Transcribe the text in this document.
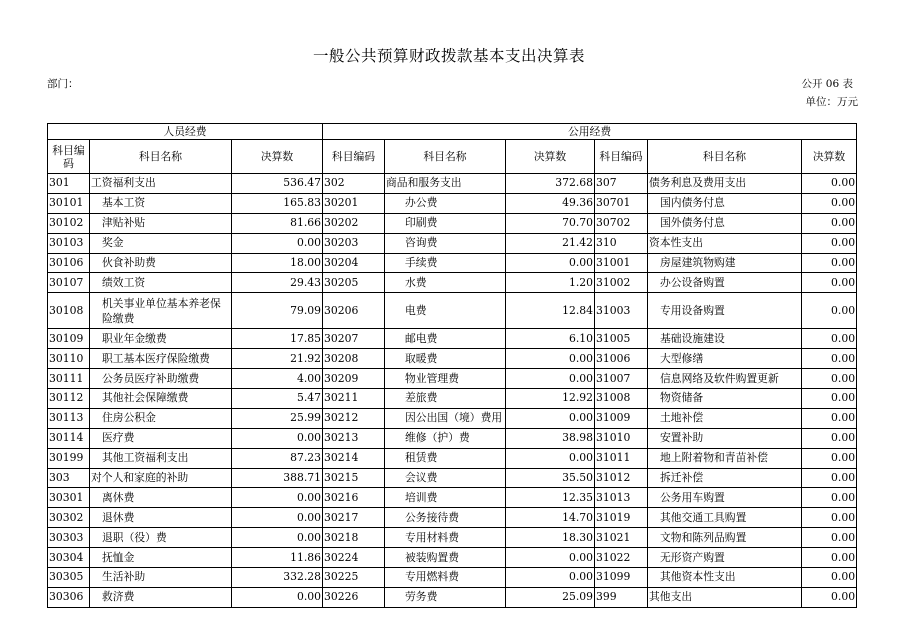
一般公共预算财政拨款基本支出决算表
部门：	公开 06 表
单位：万元
人员经费			公用经费					
科目编码	科目名称	决算数	科目编码	科目名称	决算数	科目编码	科目名称	决算数
301	工资福利支出	536.47	302	商品和服务支出	372.68	307	债务利息及费用支出	0.00
30101	基本工资	165.83	30201	办公费	49.36	30701	国内债务付息	0.00
30102	津贴补贴	81.66	30202	印刷费	70.70	30702	国外债务付息	0.00
30103	奖金	0.00	30203	咨询费	21.42	310	资本性支出	0.00
30106	伙食补助费	18.00	30204	手续费	0.00	31001	房屋建筑物购建	0.00
30107	绩效工资	29.43	30205	水费	1.20	31002	办公设备购置	0.00
30108	机关事业单位基本养老保险缴费	79.09	30206	电费	12.84	31003	专用设备购置	0.00
30109	职业年金缴费	17.85	30207	邮电费	6.10	31005	基础设施建设	0.00
30110	职工基本医疗保险缴费	21.92	30208	取暖费	0.00	31006	大型修缮	0.00
30111	公务员医疗补助缴费	4.00	30209	物业管理费	0.00	31007	信息网络及软件购置更新	0.00
30112	其他社会保障缴费	5.47	30211	差旅费	12.92	31008	物资储备	0.00
30113	住房公积金	25.99	30212	因公出国（境）费用	0.00	31009	土地补偿	0.00
30114	医疗费	0.00	30213	维修（护）费	38.98	31010	安置补助	0.00
30199	其他工资福利支出	87.23	30214	租赁费	0.00	31011	地上附着物和青苗补偿	0.00
303	对个人和家庭的补助	388.71	30215	会议费	35.50	31012	拆迁补偿	0.00
30301	离休费	0.00	30216	培训费	12.35	31013	公务用车购置	0.00
30302	退休费	0.00	30217	公务接待费	14.70	31019	其他交通工具购置	0.00
30303	退职（役）费	0.00	30218	专用材料费	18.30	31021	文物和陈列品购置	0.00
30304	抚恤金	11.86	30224	被装购置费	0.00	31022	无形资产购置	0.00
30305	生活补助	332.28	30225	专用燃料费	0.00	31099	其他资本性支出	0.00
30306	救济费	0.00	30226	劳务费	25.09	399	其他支出	0.00
